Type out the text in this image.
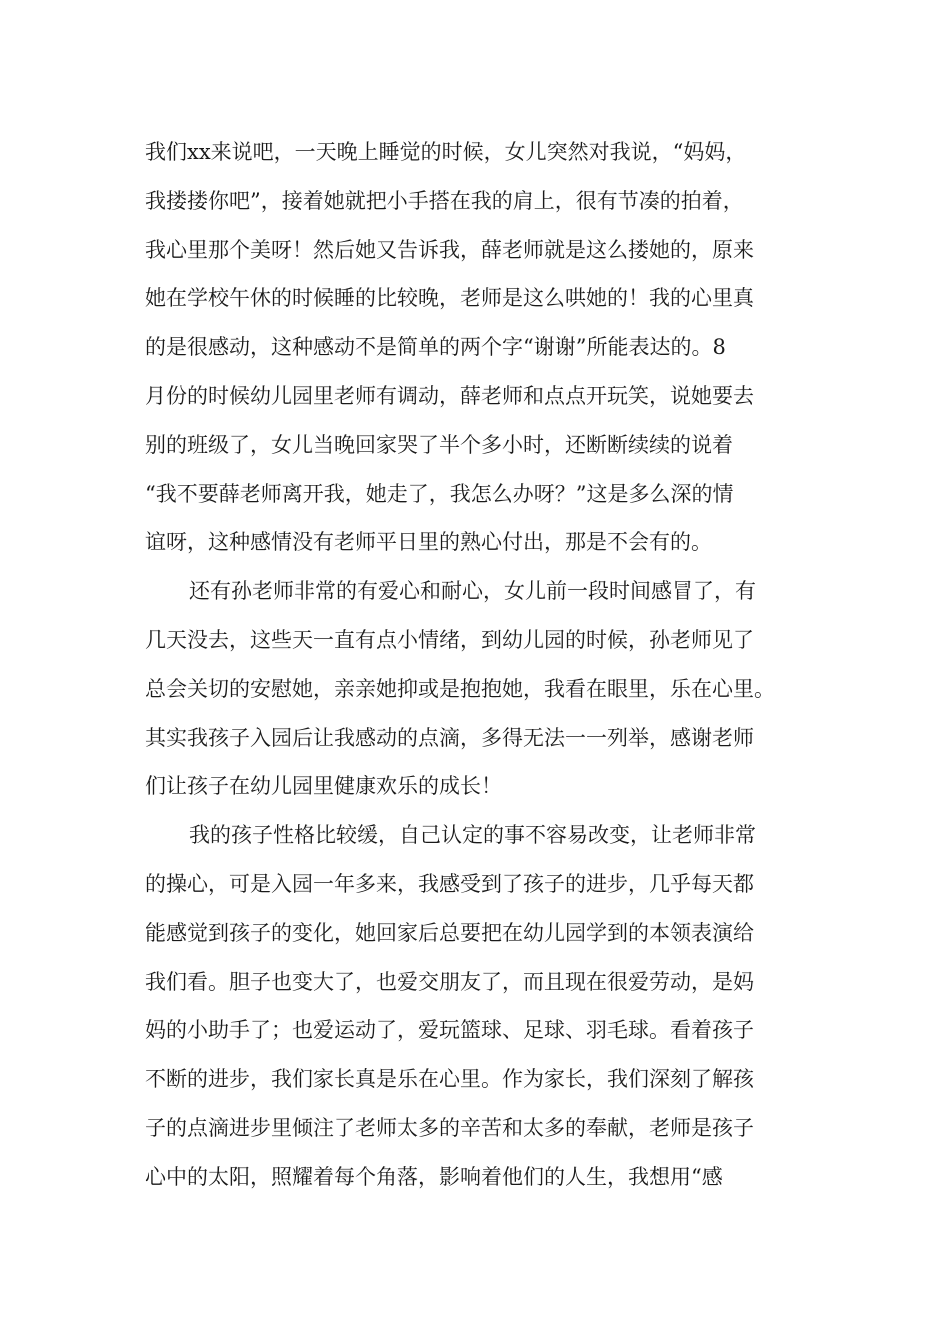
我们xx来说吧，一天晚上睡觉的时候，女儿突然对我说，“妈妈，
我搂搂你吧”，接着她就把小手搭在我的肩上，很有节凑的拍着，
我心里那个美呀！然后她又告诉我，薛老师就是这么搂她的，原来
她在学校午休的时候睡的比较晚，老师是这么哄她的！我的心里真
的是很感动，这种感动不是简单的两个字“谢谢”所能表达的。8
月份的时候幼儿园里老师有调动，薛老师和点点开玩笑，说她要去
别的班级了，女儿当晚回家哭了半个多小时，还断断续续的说着
“我不要薛老师离开我，她走了，我怎么办呀？”这是多么深的情
谊呀，这种感情没有老师平日里的熟心付出，那是不会有的。
还有孙老师非常的有爱心和耐心，女儿前一段时间感冒了，有
几天没去，这些天一直有点小情绪，到幼儿园的时候，孙老师见了
总会关切的安慰她，亲亲她抑或是抱抱她，我看在眼里，乐在心里。
其实我孩子入园后让我感动的点滴，多得无法一一列举，感谢老师
们让孩子在幼儿园里健康欢乐的成长！
我的孩子性格比较缓，自己认定的事不容易改变，让老师非常
的操心，可是入园一年多来，我感受到了孩子的进步，几乎每天都
能感觉到孩子的变化，她回家后总要把在幼儿园学到的本领表演给
我们看。胆子也变大了，也爱交朋友了，而且现在很爱劳动，是妈
妈的小助手了；也爱运动了，爱玩篮球、足球、羽毛球。看着孩子
不断的进步，我们家长真是乐在心里。作为家长，我们深刻了解孩
子的点滴进步里倾注了老师太多的辛苦和太多的奉献，老师是孩子
心中的太阳，照耀着每个角落，影响着他们的人生，我想用“感
